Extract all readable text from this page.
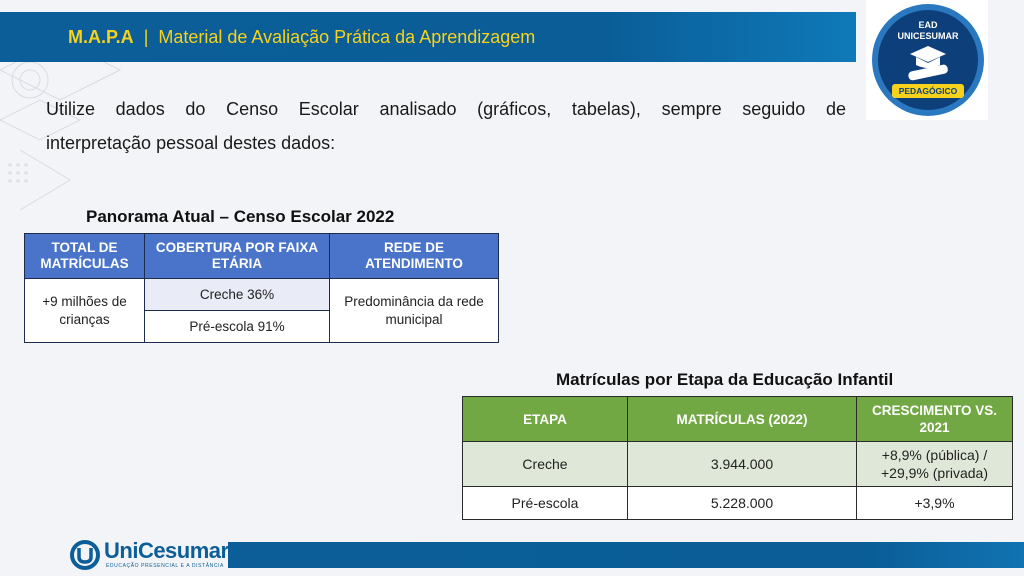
M.A.P.A | Material de Avaliação Prática da Aprendizagem
EAD
UNICESUMAR
PEDAGÓGICO
Utilize dados do Censo Escolar analisado (gráficos, tabelas), sempre seguido de
interpretação pessoal destes dados:
Panorama Atual – Censo Escolar 2022
TOTAL DE MATRÍCULAS	COBERTURA POR FAIXA ETÁRIA	REDE DE ATENDIMENTO
+9 milhões de crianças	Creche 36%	Predominância da rede municipal
	Pré-escola 91%	
Matrículas por Etapa da Educação Infantil
ETAPA	MATRÍCULAS (2022)	CRESCIMENTO VS. 2021
Creche	3.944.000	+8,9% (pública) /
+29,9% (privada)
Pré-escola	5.228.000	+3,9%
UniCesumar
EDUCAÇÃO PRESENCIAL E A DISTÂNCIA
